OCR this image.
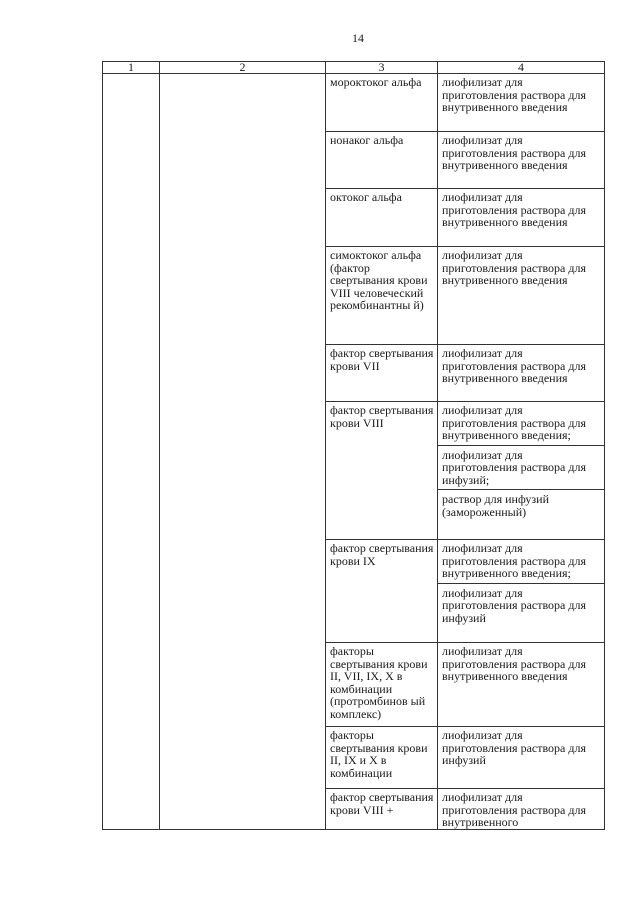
14
1	2	3	4
		мороктоког альфа	лиофилизат для приготовления раствора для внутривенного введения

		нонаког альфа	лиофилизат для приготовления раствора для внутривенного введения

		октоког альфа	лиофилизат для приготовления раствора для внутривенного введения

		симоктоког альфа (фактор свертывания крови VIII человеческий рекомбинантны й)	лиофилизат для приготовления раствора для внутривенного введения

		фактор свертывания крови VII	лиофилизат для приготовления раствора для внутривенного введения

		фактор свертывания крови VIII	лиофилизат для приготовления раствора для внутривенного введения;
лиофилизат для приготовления раствора для инфузий;
раствор для инфузий (замороженный)

		фактор свертывания крови IX	лиофилизат для приготовления раствора для внутривенного введения;
лиофилизат для приготовления раствора для инфузий

		факторы свертывания крови II, VII, IX, X в комбинации (протромбинов ый комплекс)	лиофилизат для приготовления раствора для внутривенного введения

		факторы свертывания крови II, IX и X в комбинации	лиофилизат для приготовления раствора для инфузий

		фактор свертывания крови VIII +	лиофилизат для приготовления раствора для внутривенного
